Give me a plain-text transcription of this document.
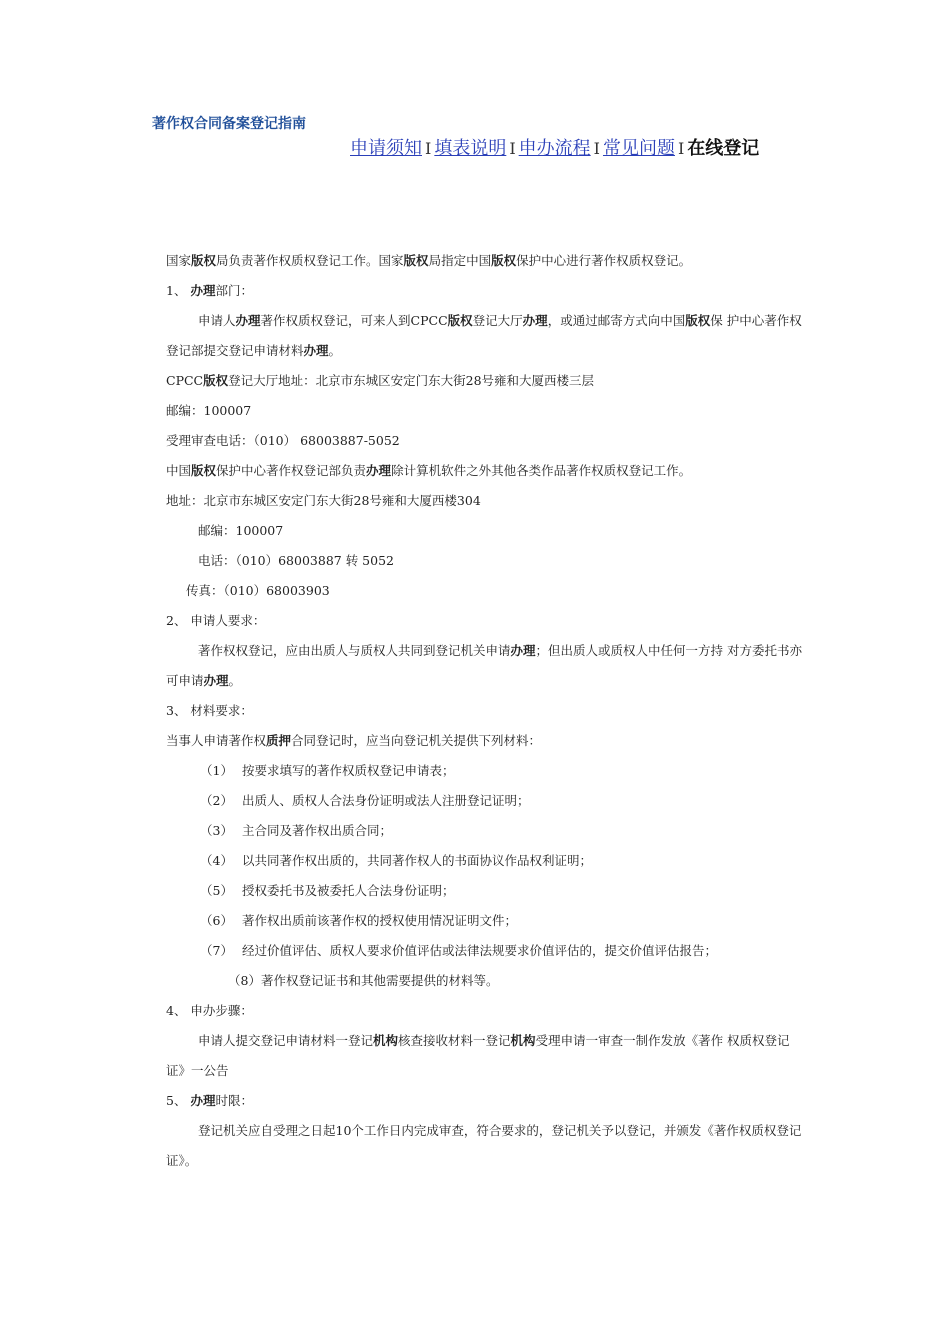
著作权合同备案登记指南
申请须知 I 填表说明 I 申办流程 I 常见问题 I 在线登记

国家版权局负责著作权质权登记工作。国家版权局指定中国版权保护中心进行著作权质权登记。

1、 办理部门：

申请人办理著作权质权登记，可来人到CPCC版权登记大厅办理，或通过邮寄方式向中国版权保 护中心著作权登记部提交登记申请材料办理。

CPCC版权登记大厅地址：北京市东城区安定门东大街28号雍和大厦西楼三层

邮编：100007

受理审查电话：（010） 68003887-5052

中国版权保护中心著作权登记部负责办理除计算机软件之外其他各类作品著作权质权登记工作。

地址：北京市东城区安定门东大街28号雍和大厦西楼304

邮编：100007

电话：（010）68003887 转 5052

传真：（010）68003903

2、 申请人要求：

著作权权登记，应由出质人与质权人共同到登记机关申请办理；但出质人或质权人中任何一方持 对方委托书亦可申请办理。

3、 材料要求：

当事人申请著作权质押合同登记时，应当向登记机关提供下列材料：

（1） 按要求填写的著作权质权登记申请表；

（2） 出质人、质权人合法身份证明或法人注册登记证明；

（3） 主合同及著作权出质合同；

（4） 以共同著作权出质的，共同著作权人的书面协议作品权利证明；

（5） 授权委托书及被委托人合法身份证明；

（6） 著作权出质前该著作权的授权使用情况证明文件；

（7） 经过价值评估、质权人要求价值评估或法律法规要求价值评估的，提交价值评估报告；

（8）著作权登记证书和其他需要提供的材料等。

4、 申办步骤：

申请人提交登记申请材料一登记机构核查接收材料一登记机构受理申请一审查一制作发放《著作 权质权登记证》一公告

5、 办理时限：

登记机关应自受理之日起10个工作日内完成审查，符合要求的，登记机关予以登记，并颁发《著作权质权登记证》。
